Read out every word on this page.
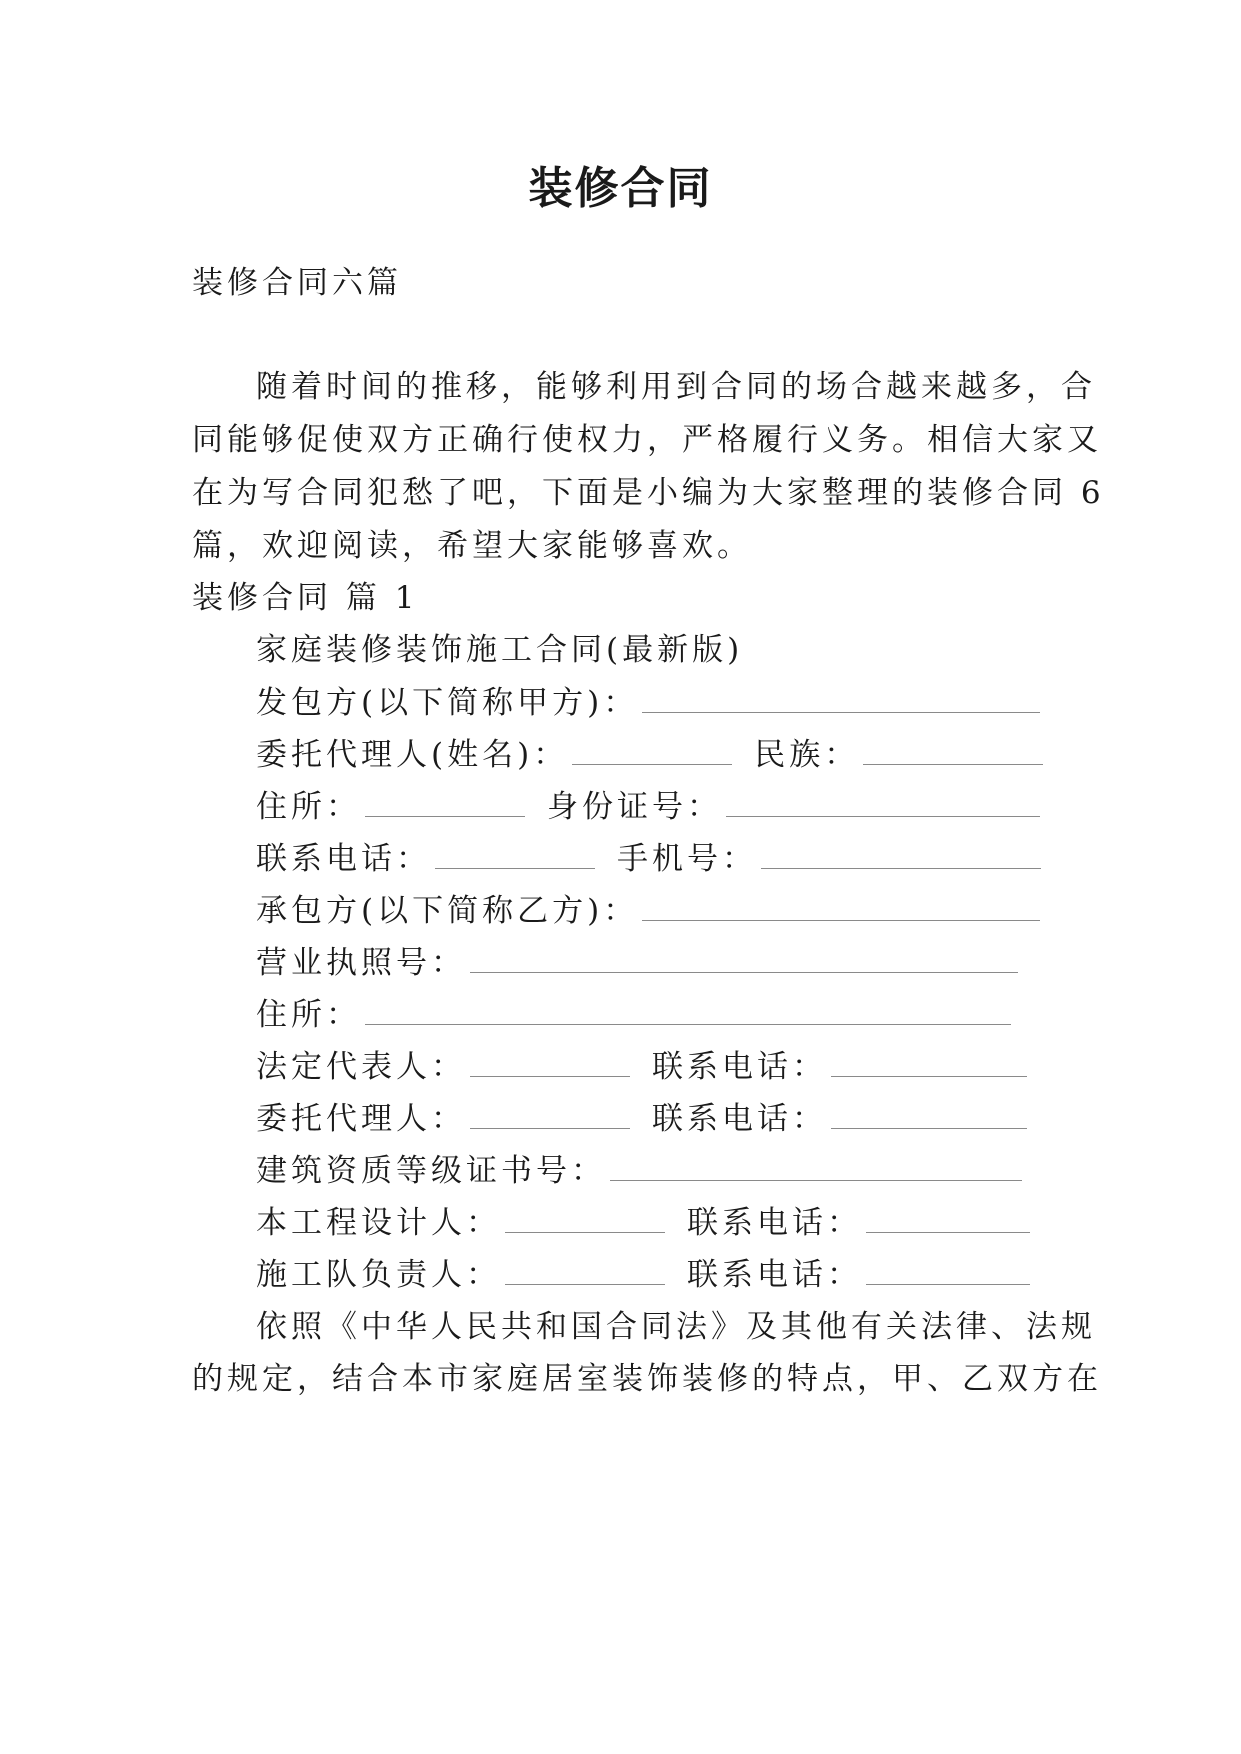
装修合同
装修合同六篇
随着时间的推移，能够利用到合同的场合越来越多，合
同能够促使双方正确行使权力，严格履行义务。相信大家又
在为写合同犯愁了吧，下面是小编为大家整理的装修合同 6
篇，欢迎阅读，希望大家能够喜欢。
装修合同 篇 1
家庭装修装饰施工合同(最新版)
发包方(以下简称甲方)：
委托代理人(姓名)：	民族：
住所：	身份证号：
联系电话：	手机号：
承包方(以下简称乙方)：
营业执照号：
住所：
法定代表人：	联系电话：
委托代理人：	联系电话：
建筑资质等级证书号：
本工程设计人：	联系电话：
施工队负责人：	联系电话：
依照《中华人民共和国合同法》及其他有关法律、法规
的规定，结合本市家庭居室装饰装修的特点，甲、乙双方在
